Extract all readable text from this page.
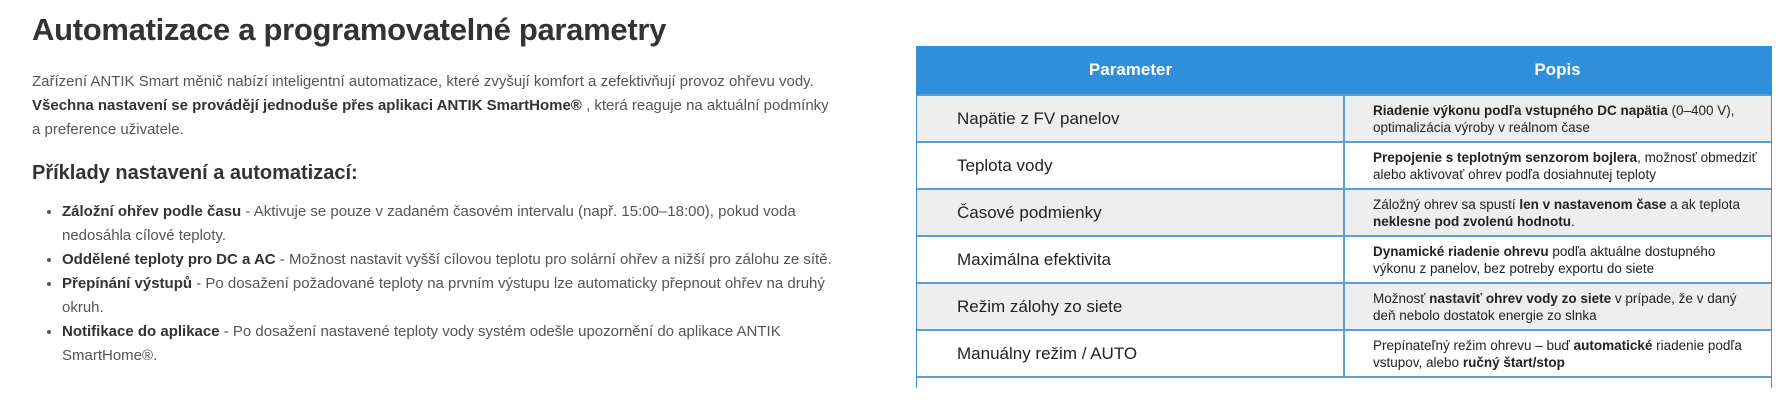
Automatizace a programovatelné parametry
Zařízení ANTIK Smart měnič nabízí inteligentní automatizace, které zvyšují komfort a zefektivňují provoz ohřevu vody.
Všechna nastavení se provádějí jednoduše přes aplikaci ANTIK SmartHome® , která reaguje na aktuální podmínky a preference uživatele.
Příklady nastavení a automatizací:
• Záložní ohřev podle času - Aktivuje se pouze v zadaném časovém intervalu (např. 15:00–18:00), pokud voda nedosáhla cílové teploty.
• Oddělené teploty pro DC a AC - Možnost nastavit vyšší cílovou teplotu pro solární ohřev a nižší pro zálohu ze sítě.
• Přepínání výstupů - Po dosažení požadované teploty na prvním výstupu lze automaticky přepnout ohřev na druhý okruh.
• Notifikace do aplikace - Po dosažení nastavené teploty vody systém odešle upozornění do aplikace ANTIK SmartHome®.
Parameter	Popis
Napätie z FV panelov	Riadenie výkonu podľa vstupného DC napätia (0–400 V), optimalizácia výroby v reálnom čase
Teplota vody	Prepojenie s teplotným senzorom bojlera, možnosť obmedziť alebo aktivovať ohrev podľa dosiahnutej teploty
Časové podmienky	Záložný ohrev sa spustí len v nastavenom čase a ak teplota neklesne pod zvolenú hodnotu.
Maximálna efektivita	Dynamické riadenie ohrevu podľa aktuálne dostupného výkonu z panelov, bez potreby exportu do siete
Režim zálohy zo siete	Možnosť nastaviť ohrev vody zo siete v prípade, že v daný deň nebolo dostatok energie zo slnka
Manuálny režim / AUTO	Prepínateľný režim ohrevu – buď automatické riadenie podľa vstupov, alebo ručný štart/stop
